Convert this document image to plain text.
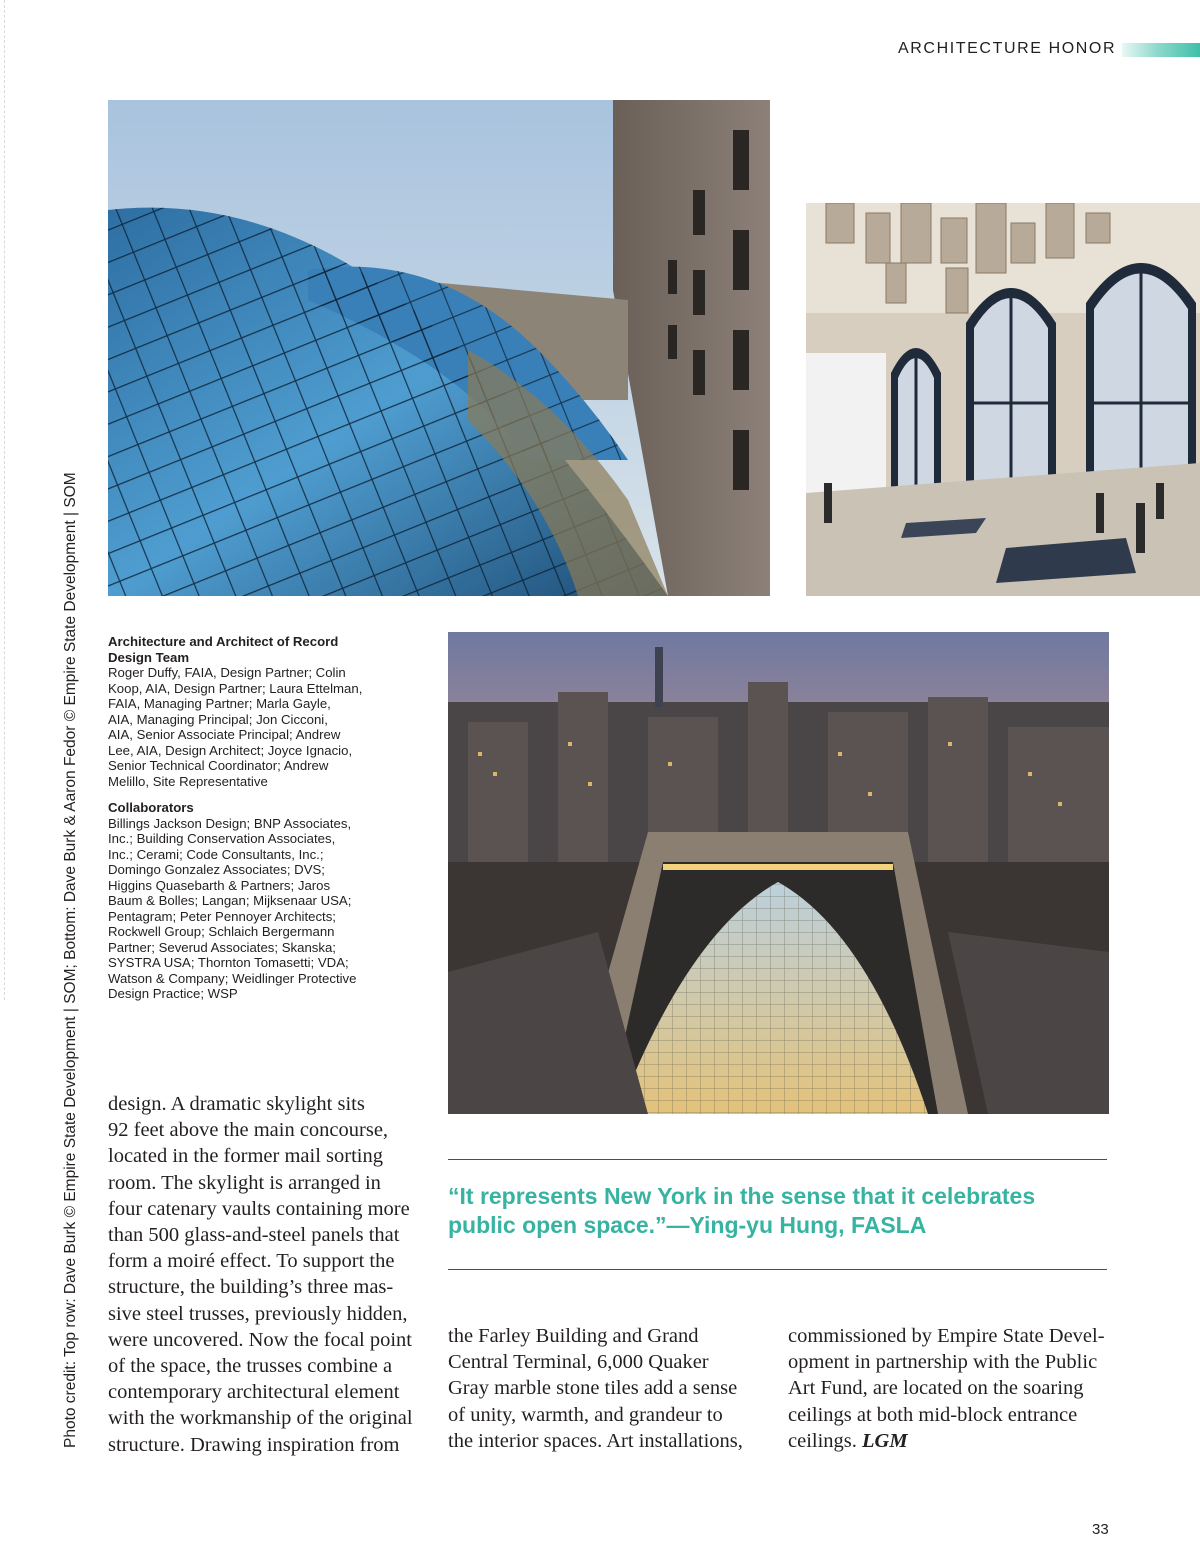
ARCHITECTURE HONOR
Photo credit: Top row: Dave Burk © Empire State Development | SOM; Bottom: Dave Burk & Aaron Fedor © Empire State Development | SOM Architecture and Architect of Record
Design Team
Roger Duffy, FAIA, Design Partner; Colin
Koop, AIA, Design Partner; Laura Ettelman,
FAIA, Managing Partner; Marla Gayle,
AIA, Managing Principal; Jon Cicconi,
AIA, Senior Associate Principal; Andrew
Lee, AIA, Design Architect; Joyce Ignacio,
Senior Technical Coordinator; Andrew
Melillo, Site Representative
Collaborators
Billings Jackson Design; BNP Associates,
Inc.; Building Conservation Associates,
Inc.; Cerami; Code Consultants, Inc.;
Domingo Gonzalez Associates; DVS;
Higgins Quasebarth & Partners; Jaros
Baum & Bolles; Langan; Mijksenaar USA;
Pentagram; Peter Pennoyer Architects;
Rockwell Group; Schlaich Bergermann
Partner; Severud Associates; Skanska;
SYSTRA USA; Thornton Tomasetti; VDA;
Watson & Company; Weidlinger Protective
Design Practice; WSP
design. A dramatic skylight sits
92 feet above the main concourse,
located in the former mail sorting
room. The skylight is arranged in
four catenary vaults containing more
than 500 glass-and-steel panels that
form a moiré effect. To support the
structure, the building’s three mas-
sive steel trusses, previously hidden,
were uncovered. Now the focal point
of the space, the trusses combine a
contemporary architectural element
with the workmanship of the original
structure. Drawing inspiration from
“It represents New York in the sense that it celebrates
public open space.”—Ying-yu Hung, FASLA
the Farley Building and Grand
Central Terminal, 6,000 Quaker
Gray marble stone tiles add a sense
of unity, warmth, and grandeur to
the interior spaces. Art installations,
commissioned by Empire State Devel-
opment in partnership with the Public
Art Fund, are located on the soaring
ceilings at both mid-block entrance
ceilings. LGM
33
